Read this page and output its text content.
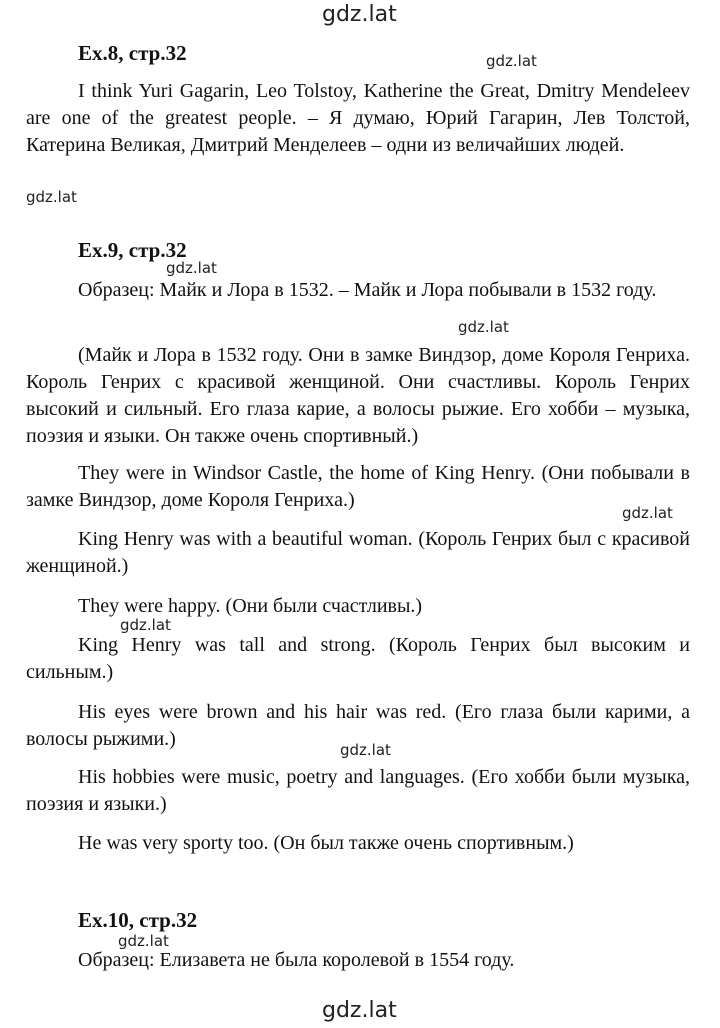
gdz.lat
Ex.8, стр.32	gdz.lat

I think Yuri Gagarin, Leo Tolstoy, Katherine the Great, Dmitry Mendeleev are one of the greatest people. – Я думаю, Юрий Гагарин, Лев Толстой, Катерина Великая, Дмитрий Менделеев – одни из величайших людей.

gdz.lat
Ex.9, стр.32
gdz.lat

Образец: Майк и Лора в 1532. – Майк и Лора побывали в 1532 году.

gdz.lat

(Майк и Лора в 1532 году. Они в замке Виндзор, доме Короля Генриха. Король Генрих с красивой женщиной. Они счастливы. Король Генрих высокий и сильный. Его глаза карие, а волосы рыжие. Его хобби – музыка, поэзия и языки. Он также очень спортивный.)

They were in Windsor Castle, the home of King Henry. (Они побывали в замке Виндзор, доме Короля Генриха.)

gdz.lat

King Henry was with a beautiful woman. (Король Генрих был с красивой женщиной.)

They were happy. (Они были счастливы.)

gdz.lat

King Henry was tall and strong. (Король Генрих был высоким и сильным.)

His eyes were brown and his hair was red. (Его глаза были карими, а волосы рыжими.)	gdz.lat

His hobbies were music, poetry and languages. (Его хобби были музыка, поэзия и языки.)

He was very sporty too. (Он был также очень спортивным.)

Ex.10, стр.32
gdz.lat

Образец: Елизавета не была королевой в 1554 году.

gdz.lat
